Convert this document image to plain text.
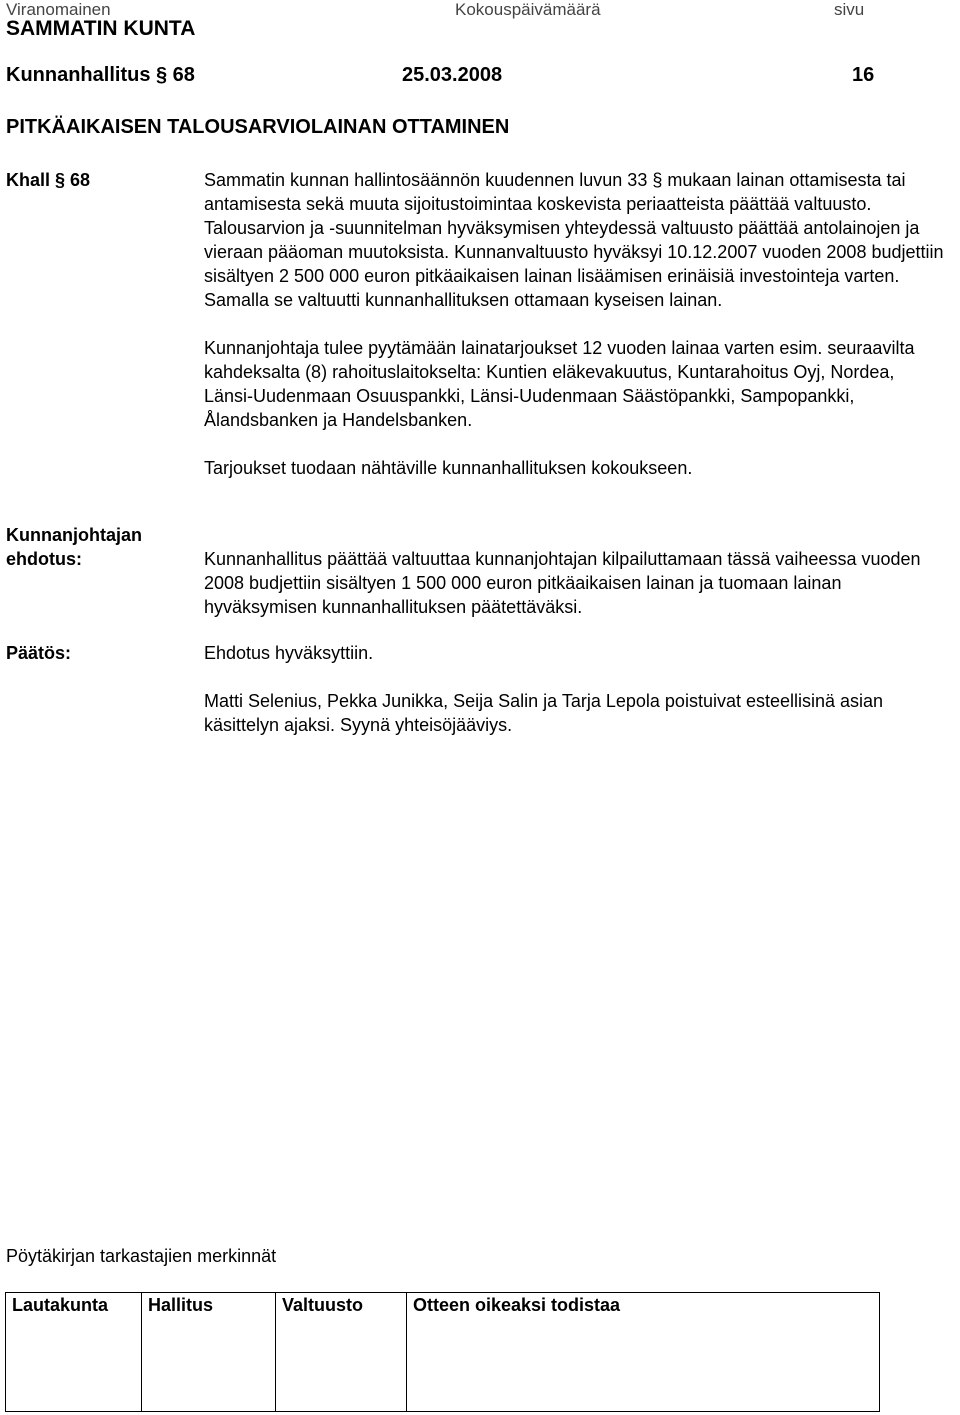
Viranomainen	Kokouspäivämäärä	sivu
SAMMATIN KUNTA
Kunnanhallitus § 68	25.03.2008	16
PITKÄAIKAISEN TALOUSARVIOLAINAN OTTAMINEN
Khall § 68	Sammatin kunnan hallintosäännön kuudennen luvun 33 § mukaan lainan ottamisesta tai antamisesta sekä muuta sijoitustoimintaa koskevista periaatteista päättää valtuusto. Talousarvion ja -suunnitelman hyväksymisen yhteydessä valtuusto päättää antolainojen ja vieraan pääoman muutoksista. Kunnanvaltuusto hyväksyi 10.12.2007 vuoden 2008 budjettiin sisältyen 2 500 000 euron pitkäaikaisen lainan lisäämisen erinäisiä investointeja varten. Samalla se valtuutti kunnanhallituksen ottamaan kyseisen lainan.

Kunnanjohtaja tulee pyytämään lainatarjoukset 12 vuoden lainaa varten esim. seuraavilta kahdeksalta (8) rahoituslaitokselta: Kuntien eläkevakuutus, Kuntarahoitus Oyj, Nordea, Länsi-Uudenmaan Osuuspankki, Länsi-Uudenmaan Säästöpankki, Sampopankki, Ålandsbanken ja Handelsbanken.

Tarjoukset tuodaan nähtäville kunnanhallituksen kokoukseen.

Kunnanjohtajan
ehdotus:	Kunnanhallitus päättää valtuuttaa kunnanjohtajan kilpailuttamaan tässä vaiheessa vuoden 2008 budjettiin sisältyen 1 500 000 euron pitkäaikaisen lainan ja tuomaan lainan hyväksymisen kunnanhallituksen päätettäväksi.
Päätös:	Ehdotus hyväksyttiin.
Matti Selenius, Pekka Junikka, Seija Salin ja Tarja Lepola poistuivat esteellisinä asian käsittelyn ajaksi. Syynä yhteisöjääviys.
Pöytäkirjan tarkastajien merkinnät
Lautakunta	Hallitus	Valtuusto	Otteen oikeaksi todistaa
